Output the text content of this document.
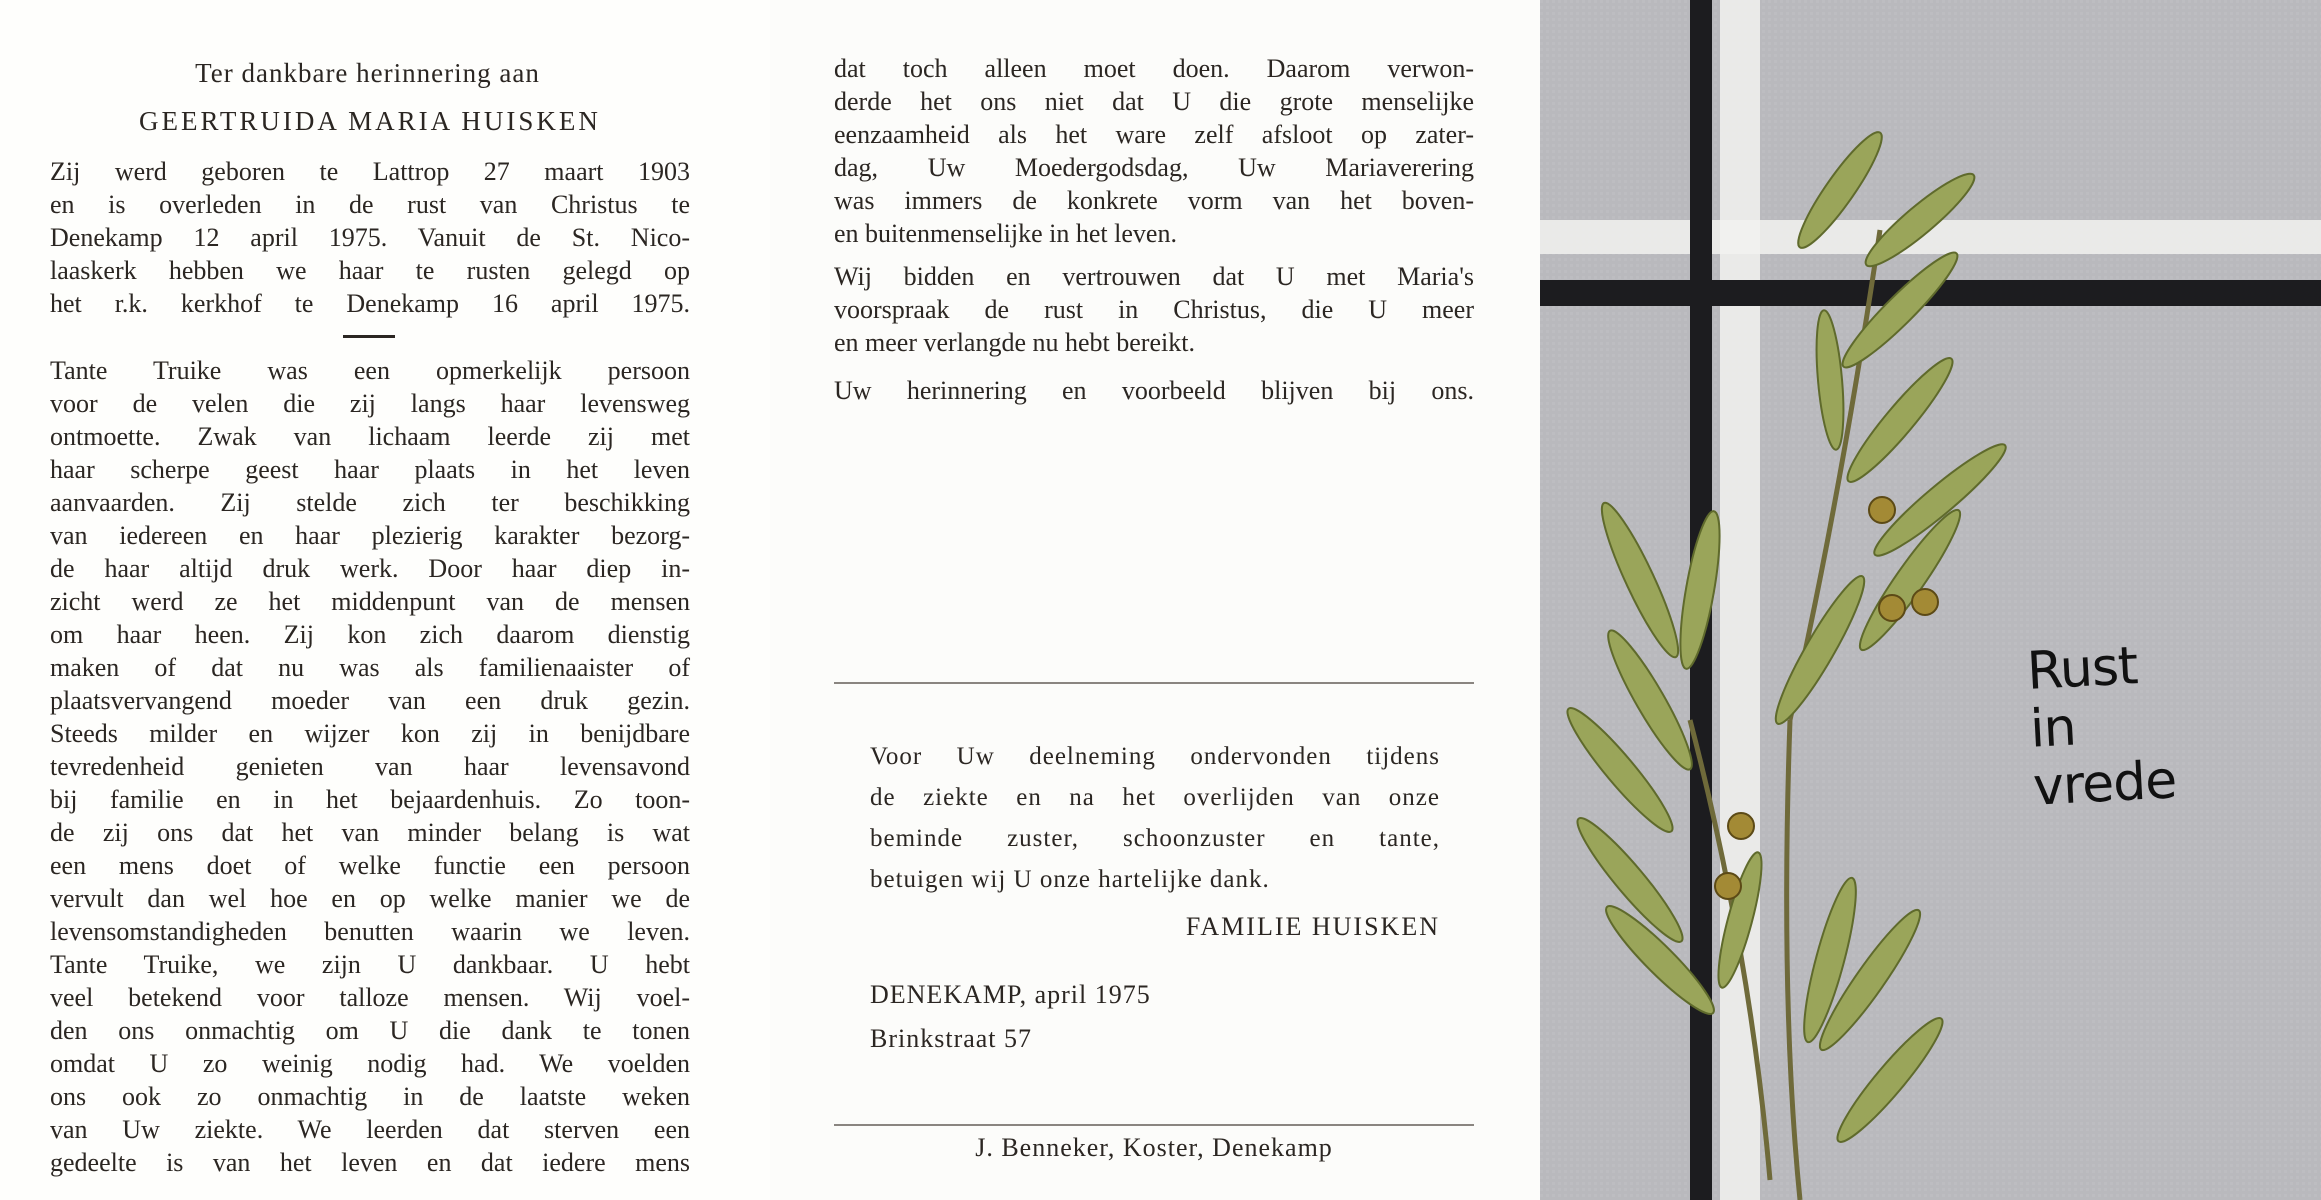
Ter dankbare herinnering aan
GEERTRUIDA MARIA HUISKEN
Zij werd geboren te Lattrop 27 maart 1903
en is overleden in de rust van Christus te
Denekamp 12 april 1975. Vanuit de St. Nico-
laaskerk hebben we haar te rusten gelegd op
het r.k. kerkhof te Denekamp 16 april 1975.
Tante Truike was een opmerkelijk persoon
voor de velen die zij langs haar levensweg
ontmoette. Zwak van lichaam leerde zij met
haar scherpe geest haar plaats in het leven
aanvaarden. Zij stelde zich ter beschikking
van iedereen en haar plezierig karakter bezorg-
de haar altijd druk werk. Door haar diep in-
zicht werd ze het middenpunt van de mensen
om haar heen. Zij kon zich daarom dienstig
maken of dat nu was als familienaaister of
plaatsvervangend moeder van een druk gezin.
Steeds milder en wijzer kon zij in benijdbare
tevredenheid genieten van haar levensavond
bij familie en in het bejaardenhuis. Zo toon-
de zij ons dat het van minder belang is wat
een mens doet of welke functie een persoon
vervult dan wel hoe en op welke manier we de
levensomstandigheden benutten waarin we leven.
Tante Truike, we zijn U dankbaar. U hebt
veel betekend voor talloze mensen. Wij voel-
den ons onmachtig om U die dank te tonen
omdat U zo weinig nodig had. We voelden
ons ook zo onmachtig in de laatste weken
van Uw ziekte. We leerden dat sterven een
gedeelte is van het leven en dat iedere mens
dat toch alleen moet doen. Daarom verwon-
derde het ons niet dat U die grote menselijke
eenzaamheid als het ware zelf afsloot op zater-
dag, Uw Moedergodsdag, Uw Mariaverering
was immers de konkrete vorm van het boven-
en buitenmenselijke in het leven.
Wij bidden en vertrouwen dat U met Maria's
voorspraak de rust in Christus, die U meer
en meer verlangde nu hebt bereikt.
Uw herinnering en voorbeeld blijven bij ons.
Voor Uw deelneming ondervonden tijdens
de ziekte en na het overlijden van onze
beminde zuster, schoonzuster en tante,
betuigen wij U onze hartelijke dank.
FAMILIE HUISKEN
DENEKAMP, april 1975
Brinkstraat 57
J. Benneker, Koster, Denekamp
Rust
in
vrede
